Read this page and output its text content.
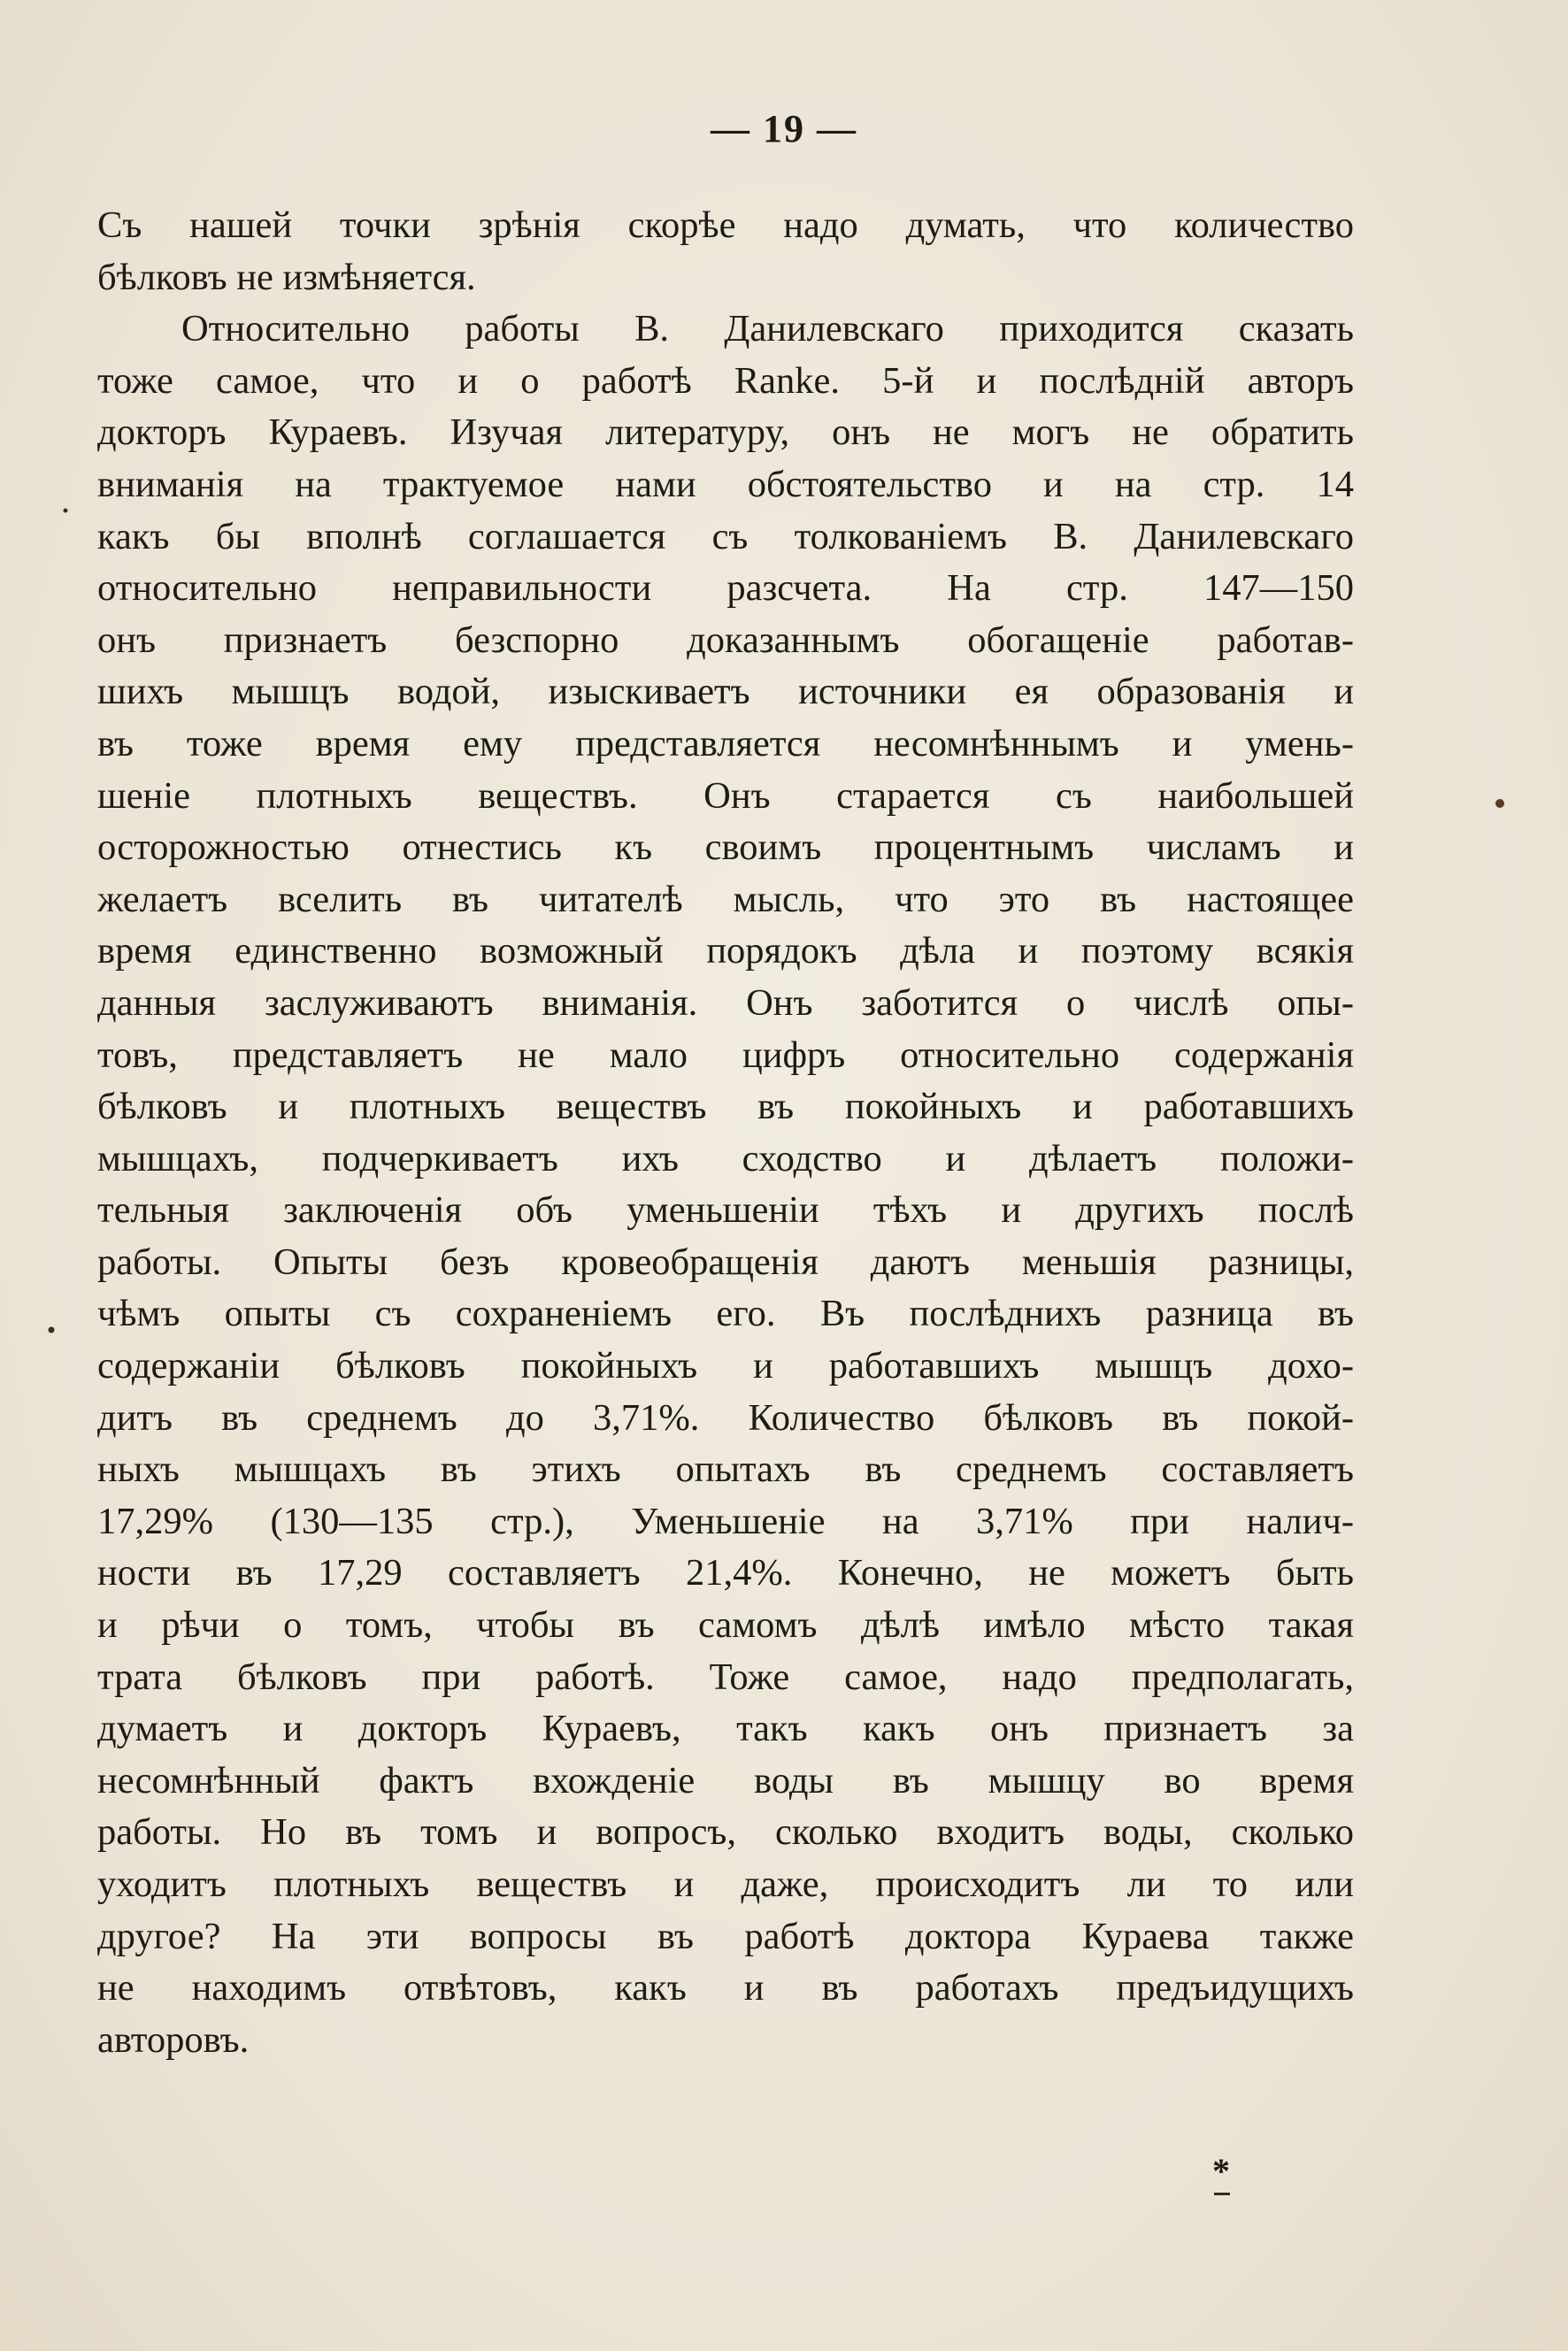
— 19 —
Съ нашей точки зрѣнія скорѣе надо думать, что количество
бѣлковъ не измѣняется.
Относительно работы В. Данилевскаго приходится сказать
тоже самое, что и о работѣ Ranke. 5-й и послѣдній авторъ
докторъ Кураевъ. Изучая литературу, онъ не могъ не обратить
вниманія на трактуемое нами обстоятельство и на стр. 14
какъ бы вполнѣ соглашается съ толкованіемъ В. Данилевскаго
относительно неправильности разсчета. На стр. 147—150
онъ признаетъ безспорно доказаннымъ обогащеніе работав-
шихъ мышцъ водой, изыскиваетъ источники ея образованія и
въ тоже время ему представляется несомнѣннымъ и умень-
шеніе плотныхъ веществъ. Онъ старается съ наибольшей
осторожностью отнестись къ своимъ процентнымъ числамъ и
желаетъ вселить въ читателѣ мысль, что это въ настоящее
время единственно возможный порядокъ дѣла и поэтому всякія
данныя заслуживаютъ вниманія. Онъ заботится о числѣ опы-
товъ, представляетъ не мало цифръ относительно содержанія
бѣлковъ и плотныхъ веществъ въ покойныхъ и работавшихъ
мышцахъ, подчеркиваетъ ихъ сходство и дѣлаетъ положи-
тельныя заключенія объ уменьшеніи тѣхъ и другихъ послѣ
работы. Опыты безъ кровеобращенія даютъ меньшія разницы,
чѣмъ опыты съ сохраненіемъ его. Въ послѣднихъ разница въ
содержаніи бѣлковъ покойныхъ и работавшихъ мышцъ дохо-
дитъ въ среднемъ до 3,71%. Количество бѣлковъ въ покой-
ныхъ мышцахъ въ этихъ опытахъ въ среднемъ составляетъ
17,29% (130—135 стр.), Уменьшеніе на 3,71% при налич-
ности въ 17,29 составляетъ 21,4%. Конечно, не можетъ быть
и рѣчи о томъ, чтобы въ самомъ дѣлѣ имѣло мѣсто такая
трата бѣлковъ при работѣ. Тоже самое, надо предполагать,
думаетъ и докторъ Кураевъ, такъ какъ онъ признаетъ за
несомнѣнный фактъ вхожденіе воды въ мышцу во время
работы. Но въ томъ и вопросъ, сколько входитъ воды, сколько
уходитъ плотныхъ веществъ и даже, происходитъ ли то или
другое? На эти вопросы въ работѣ доктора Кураева также
не находимъ отвѣтовъ, какъ и въ работахъ предъидущихъ
авторовъ.
*
